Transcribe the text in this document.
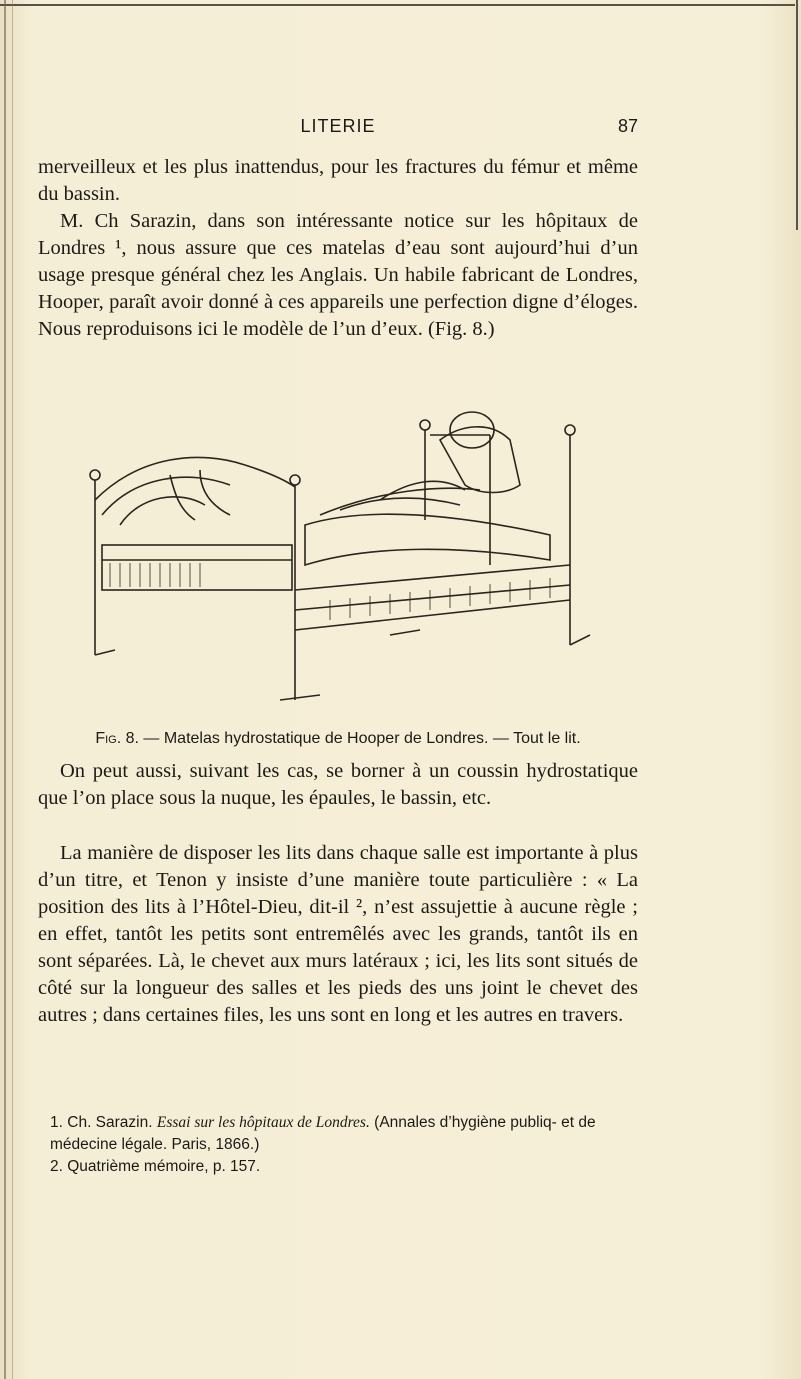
LITERIE	87

merveilleux et les plus inattendus, pour les fractures du fémur et même du bassin.

M. Ch Sarazin, dans son intéressante notice sur les hôpitaux de Londres ¹, nous assure que ces matelas d’eau sont aujourd’hui d’un usage presque général chez les Anglais. Un habile fabricant de Londres, Hooper, paraît avoir donné à ces appareils une perfection digne d’éloges. Nous reproduisons ici le modèle de l’un d’eux. (Fig. 8.)

Fig. 8. — Matelas hydrostatique de Hooper de Londres. — Tout le lit.

On peut aussi, suivant les cas, se borner à un coussin hydrostatique que l’on place sous la nuque, les épaules, le bassin, etc.

La manière de disposer les lits dans chaque salle est importante à plus d’un titre, et Tenon y insiste d’une manière toute particulière : « La position des lits à l’Hôtel-Dieu, dit-il ², n’est assujettie à aucune règle ; en effet, tantôt les petits sont entremêlés avec les grands, tantôt ils en sont séparées. Là, le chevet aux murs latéraux ; ici, les lits sont situés de côté sur la longueur des salles et les pieds des uns joint le chevet des autres ; dans certaines files, les uns sont en long et les autres en travers.

1. Ch. Sarazin. Essai sur les hôpitaux de Londres. (Annales d’hygiène publiq‑ et de médecine légale. Paris, 1866.)

2. Quatrième mémoire, p. 157.
